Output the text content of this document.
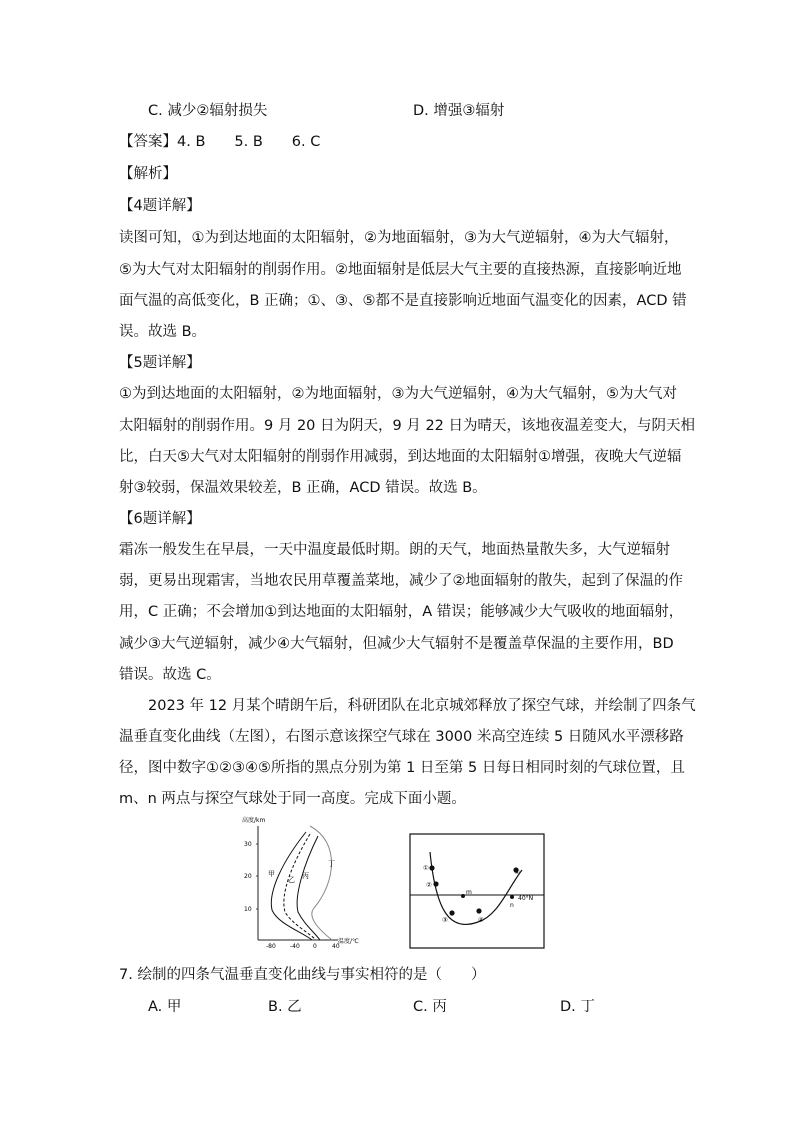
C. 减少②辐射损失	D. 增强③辐射
【答案】4. B　　5. B　　6. C
【解析】
【4题详解】
读图可知，①为到达地面的太阳辐射，②为地面辐射，③为大气逆辐射，④为大气辐射，
⑤为大气对太阳辐射的削弱作用。②地面辐射是低层大气主要的直接热源，直接影响近地
面气温的高低变化，B 正确；①、③、⑤都不是直接影响近地面气温变化的因素，ACD 错
误。故选 B。
【5题详解】
①为到达地面的太阳辐射，②为地面辐射，③为大气逆辐射，④为大气辐射，⑤为大气对
太阳辐射的削弱作用。9 月 20 日为阴天，9 月 22 日为晴天，该地夜温差变大，与阴天相
比，白天⑤大气对太阳辐射的削弱作用减弱，到达地面的太阳辐射①增强，夜晚大气逆辐
射③较弱，保温效果较差，B 正确，ACD 错误。故选 B。
【6题详解】
霜冻一般发生在早晨，一天中温度最低时期。朗的天气，地面热量散失多，大气逆辐射
弱，更易出现霜害，当地农民用草覆盖菜地，减少了②地面辐射的散失，起到了保温的作
用，C 正确；不会增加①到达地面的太阳辐射，A 错误；能够减少大气吸收的地面辐射，
减少③大气逆辐射，减少④大气辐射，但减少大气辐射不是覆盖草保温的主要作用，BD
错误。故选 C。
2023 年 12 月某个晴朗午后，科研团队在北京城郊释放了探空气球，并绘制了四条气
温垂直变化曲线（左图），右图示意该探空气球在 3000 米高空连续 5 日随风水平漂移路
径，图中数字①②③④⑤所指的黑点分别为第 1 日至第 5 日每日相同时刻的气球位置，且
m、n 两点与探空气球处于同一高度。完成下面小题。
高度/km
30
20
10
-80 -40 0	40
温度/℃
甲
乙 丙
丁
40°N
①
②
③	④
⑤
m
n
7. 绘制的四条气温垂直变化曲线与事实相符的是（　　）
A. 甲	B. 乙	C. 丙	D. 丁
